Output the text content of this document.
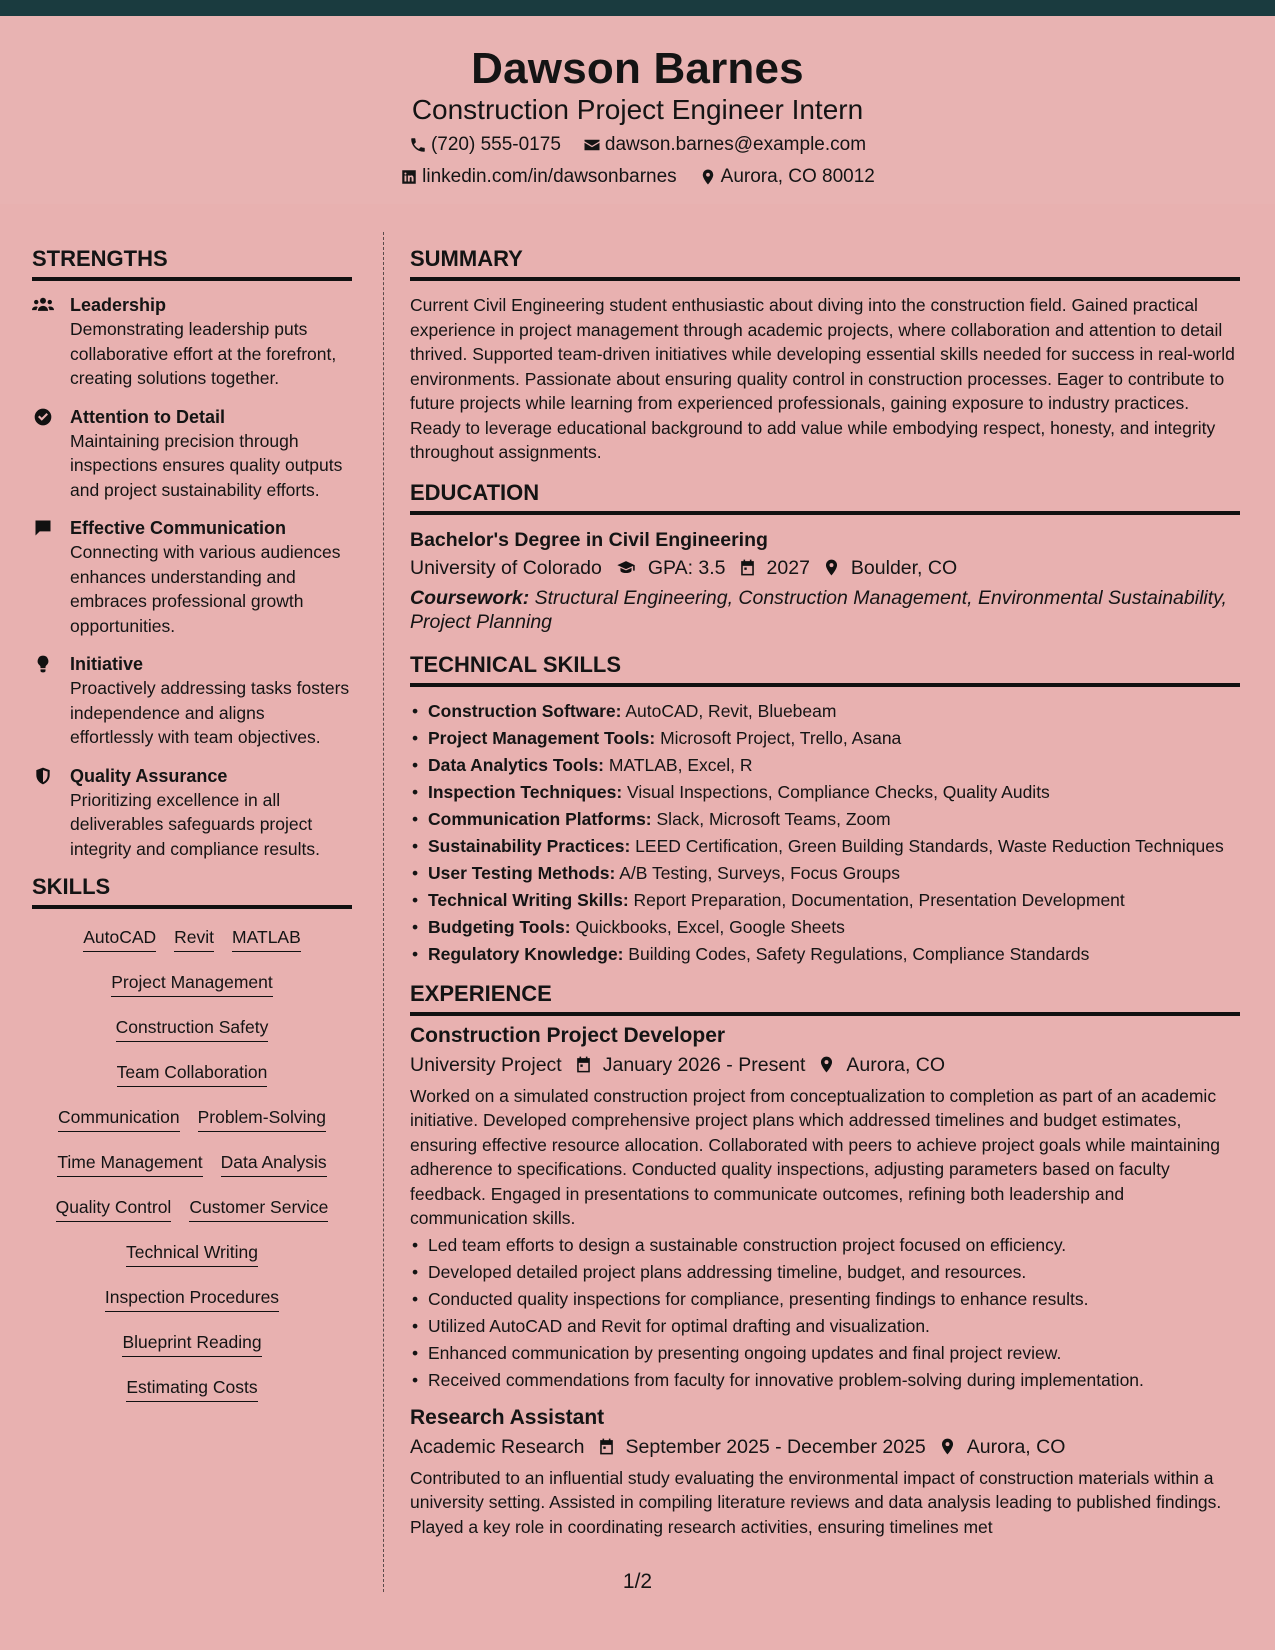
Dawson Barnes
Construction Project Engineer Intern
(720) 555-0175 dawson.barnes@example.com
linkedin.com/in/dawsonbarnes Aurora, CO 80012
STRENGTHS
Leadership
Demonstrating leadership puts collaborative effort at the forefront, creating solutions together.
Attention to Detail
Maintaining precision through inspections ensures quality outputs and project sustainability efforts.
Effective Communication
Connecting with various audiences enhances understanding and embraces professional growth opportunities.
Initiative
Proactively addressing tasks fosters independence and aligns effortlessly with team objectives.
Quality Assurance
Prioritizing excellence in all deliverables safeguards project integrity and compliance results.
SKILLS
AutoCAD Revit MATLAB
Project Management
Construction Safety
Team Collaboration
Communication Problem-Solving
Time Management Data Analysis
Quality Control Customer Service
Technical Writing
Inspection Procedures
Blueprint Reading
Estimating Costs
SUMMARY
Current Civil Engineering student enthusiastic about diving into the construction field. Gained practical experience in project management through academic projects, where collaboration and attention to detail thrived. Supported team-driven initiatives while developing essential skills needed for success in real-world environments. Passionate about ensuring quality control in construction processes. Eager to contribute to future projects while learning from experienced professionals, gaining exposure to industry practices. Ready to leverage educational background to add value while embodying respect, honesty, and integrity throughout assignments.
EDUCATION
Bachelor's Degree in Civil Engineering
University of Colorado GPA: 3.5 2027 Boulder, CO
Coursework: Structural Engineering, Construction Management, Environmental Sustainability, Project Planning
TECHNICAL SKILLS
• Construction Software: AutoCAD, Revit, Bluebeam
• Project Management Tools: Microsoft Project, Trello, Asana
• Data Analytics Tools: MATLAB, Excel, R
• Inspection Techniques: Visual Inspections, Compliance Checks, Quality Audits
• Communication Platforms: Slack, Microsoft Teams, Zoom
• Sustainability Practices: LEED Certification, Green Building Standards, Waste Reduction Techniques
• User Testing Methods: A/B Testing, Surveys, Focus Groups
• Technical Writing Skills: Report Preparation, Documentation, Presentation Development
• Budgeting Tools: Quickbooks, Excel, Google Sheets
• Regulatory Knowledge: Building Codes, Safety Regulations, Compliance Standards
EXPERIENCE
Construction Project Developer
University Project January 2026 - Present Aurora, CO
Worked on a simulated construction project from conceptualization to completion as part of an academic initiative. Developed comprehensive project plans which addressed timelines and budget estimates, ensuring effective resource allocation. Collaborated with peers to achieve project goals while maintaining adherence to specifications. Conducted quality inspections, adjusting parameters based on faculty feedback. Engaged in presentations to communicate outcomes, refining both leadership and communication skills.
• Led team efforts to design a sustainable construction project focused on efficiency.
• Developed detailed project plans addressing timeline, budget, and resources.
• Conducted quality inspections for compliance, presenting findings to enhance results.
• Utilized AutoCAD and Revit for optimal drafting and visualization.
• Enhanced communication by presenting ongoing updates and final project review.
• Received commendations from faculty for innovative problem-solving during implementation.
Research Assistant
Academic Research September 2025 - December 2025 Aurora, CO
Contributed to an influential study evaluating the environmental impact of construction materials within a university setting. Assisted in compiling literature reviews and data analysis leading to published findings. Played a key role in coordinating research activities, ensuring timelines met
1/2
